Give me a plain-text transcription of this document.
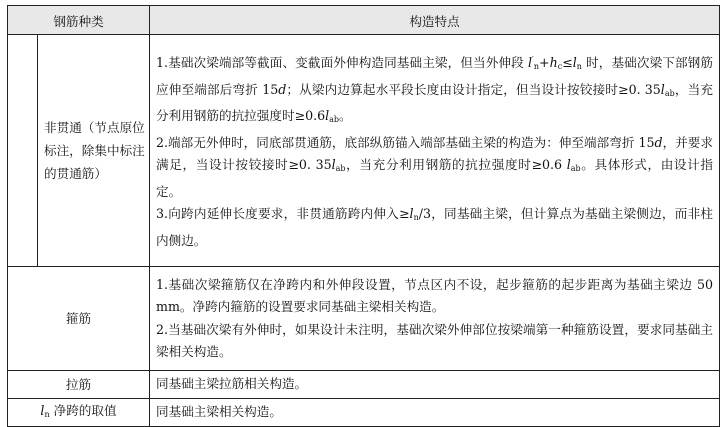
钢筋种类		构造特点
	非贯通（节点原位标注，除集中标注的贯通筋）	1.基础次梁端部等截面、变截面外伸构造同基础主梁，但当外伸段 $l'_n+h_c\le l_n$ 时，基础次梁下部钢筋应伸至端部后弯折 15d；从梁内边算起水平段长度由设计指定，但当设计按铰接时≥0. $35l_{ab}$，当充分利用钢筋的抗拉强度时$\ge 0.6l_{ab}$。

2.端部无外伸时，同底部贯通筋，底部纵筋锚入端部基础主梁的构造为：伸至端部弯折 15d，并要求满足，当设计按铰接时≥0. $35l_{ab}$，当充分利用钢筋的抗拉强度时≥0.6 $l_{ab}$。具体形式，由设计指定。

3.向跨内延伸长度要求，非贯通筋跨内伸入$\ge l_n/3$，同基础主梁，但计算点为基础主梁侧边，而非柱内侧边。

箍筋		1.基础次梁箍筋仅在净跨内和外伸段设置，节点区内不设，起步箍筋的起步距离为基础主梁边 50 mm。净跨内箍筋的设置要求同基础主梁相关构造。

2.当基础次梁有外伸时，如果设计未注明，基础次梁外伸部位按梁端第一种箍筋设置，要求同基础主梁相关构造。

拉筋		同基础主梁拉筋相关构造。
$l_n$ 净跨的取值		同基础主梁相关构造。
